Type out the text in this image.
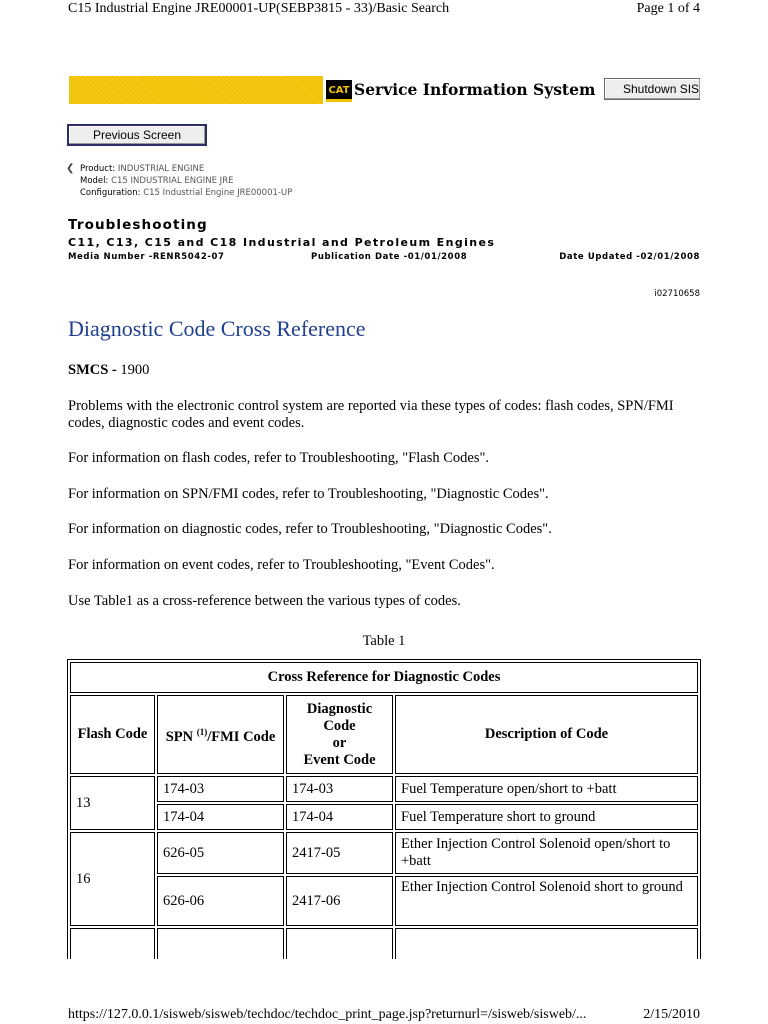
C15 Industrial Engine JRE00001-UP(SEBP3815 - 33)/Basic Search	Page 1 of 4
CAT Service Information System	Shutdown SIS
Previous Screen
❮ Product: INDUSTRIAL ENGINE
Model: C15 INDUSTRIAL ENGINE JRE
Configuration: C15 Industrial Engine JRE00001-UP
Troubleshooting
C11, C13, C15 and C18 Industrial and Petroleum Engines
Media Number -RENR5042-07	Publication Date -01/01/2008	Date Updated -02/01/2008
i02710658
Diagnostic Code Cross Reference
SMCS - 1900
Problems with the electronic control system are reported via these types of codes: flash codes, SPN/FMI codes, diagnostic codes and event codes.
For information on flash codes, refer to Troubleshooting, "Flash Codes".
For information on SPN/FMI codes, refer to Troubleshooting, "Diagnostic Codes".
For information on diagnostic codes, refer to Troubleshooting, "Diagnostic Codes".
For information on event codes, refer to Troubleshooting, "Event Codes".
Use Table1 as a cross-reference between the various types of codes.
Table 1
Cross Reference for Diagnostic Codes			
Flash Code	SPN $^{(1)}$/FMI Code	Diagnostic
Code
or
Event Code	Description of Code
13	174-03	174-03	Fuel Temperature open/short to +batt
	174-04	174-04	Fuel Temperature short to ground
16	626-05	2417-05	Ether Injection Control Solenoid open/short to +batt
	626-06	2417-06	Ether Injection Control Solenoid short to ground

https://127.0.0.1/sisweb/sisweb/techdoc/techdoc_print_page.jsp?returnurl=/sisweb/sisweb/...	2/15/2010
